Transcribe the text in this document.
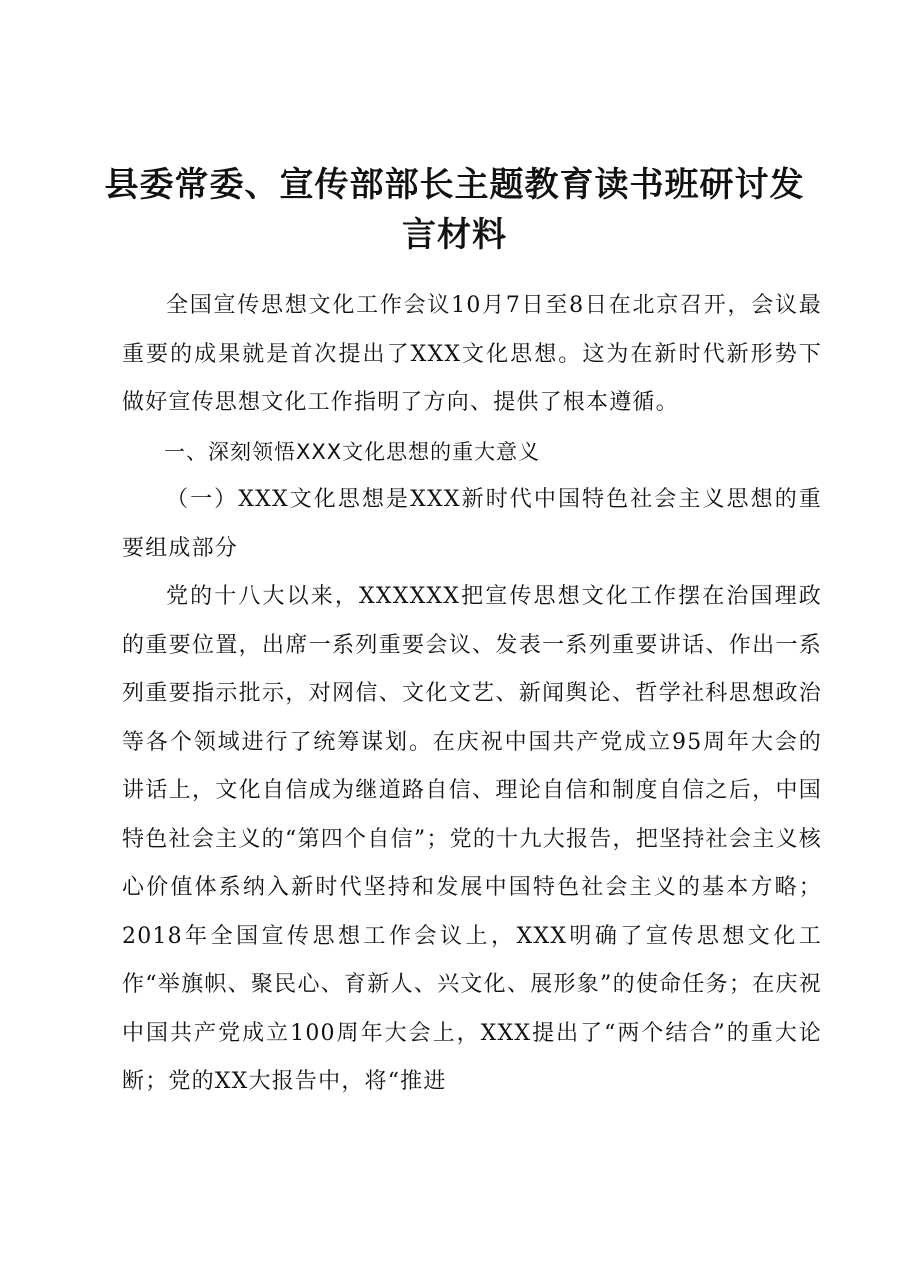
县委常委、宣传部部长主题教育读书班研讨发言材料

全国宣传思想文化工作会议10月7日至8日在北京召开，会议最重要的成果就是首次提出了XXX文化思想。这为在新时代新形势下做好宣传思想文化工作指明了方向、提供了根本遵循。

一、深刻领悟XXX文化思想的重大意义

（一）XXX文化思想是XXX新时代中国特色社会主义思想的重要组成部分

党的十八大以来，XXXXXX把宣传思想文化工作摆在治国理政的重要位置，出席一系列重要会议、发表一系列重要讲话、作出一系列重要指示批示，对网信、文化文艺、新闻舆论、哲学社科思想政治等各个领域进行了统筹谋划。在庆祝中国共产党成立95周年大会的讲话上，文化自信成为继道路自信、理论自信和制度自信之后，中国特色社会主义的“第四个自信”；党的十九大报告，把坚持社会主义核心价值体系纳入新时代坚持和发展中国特色社会主义的基本方略；2018年全国宣传思想工作会议上，XXX明确了宣传思想文化工作“举旗帜、聚民心、育新人、兴文化、展形象”的使命任务；在庆祝中国共产党成立100周年大会上，XXX提出了“两个结合”的重大论断；党的XX大报告中，将“推进
